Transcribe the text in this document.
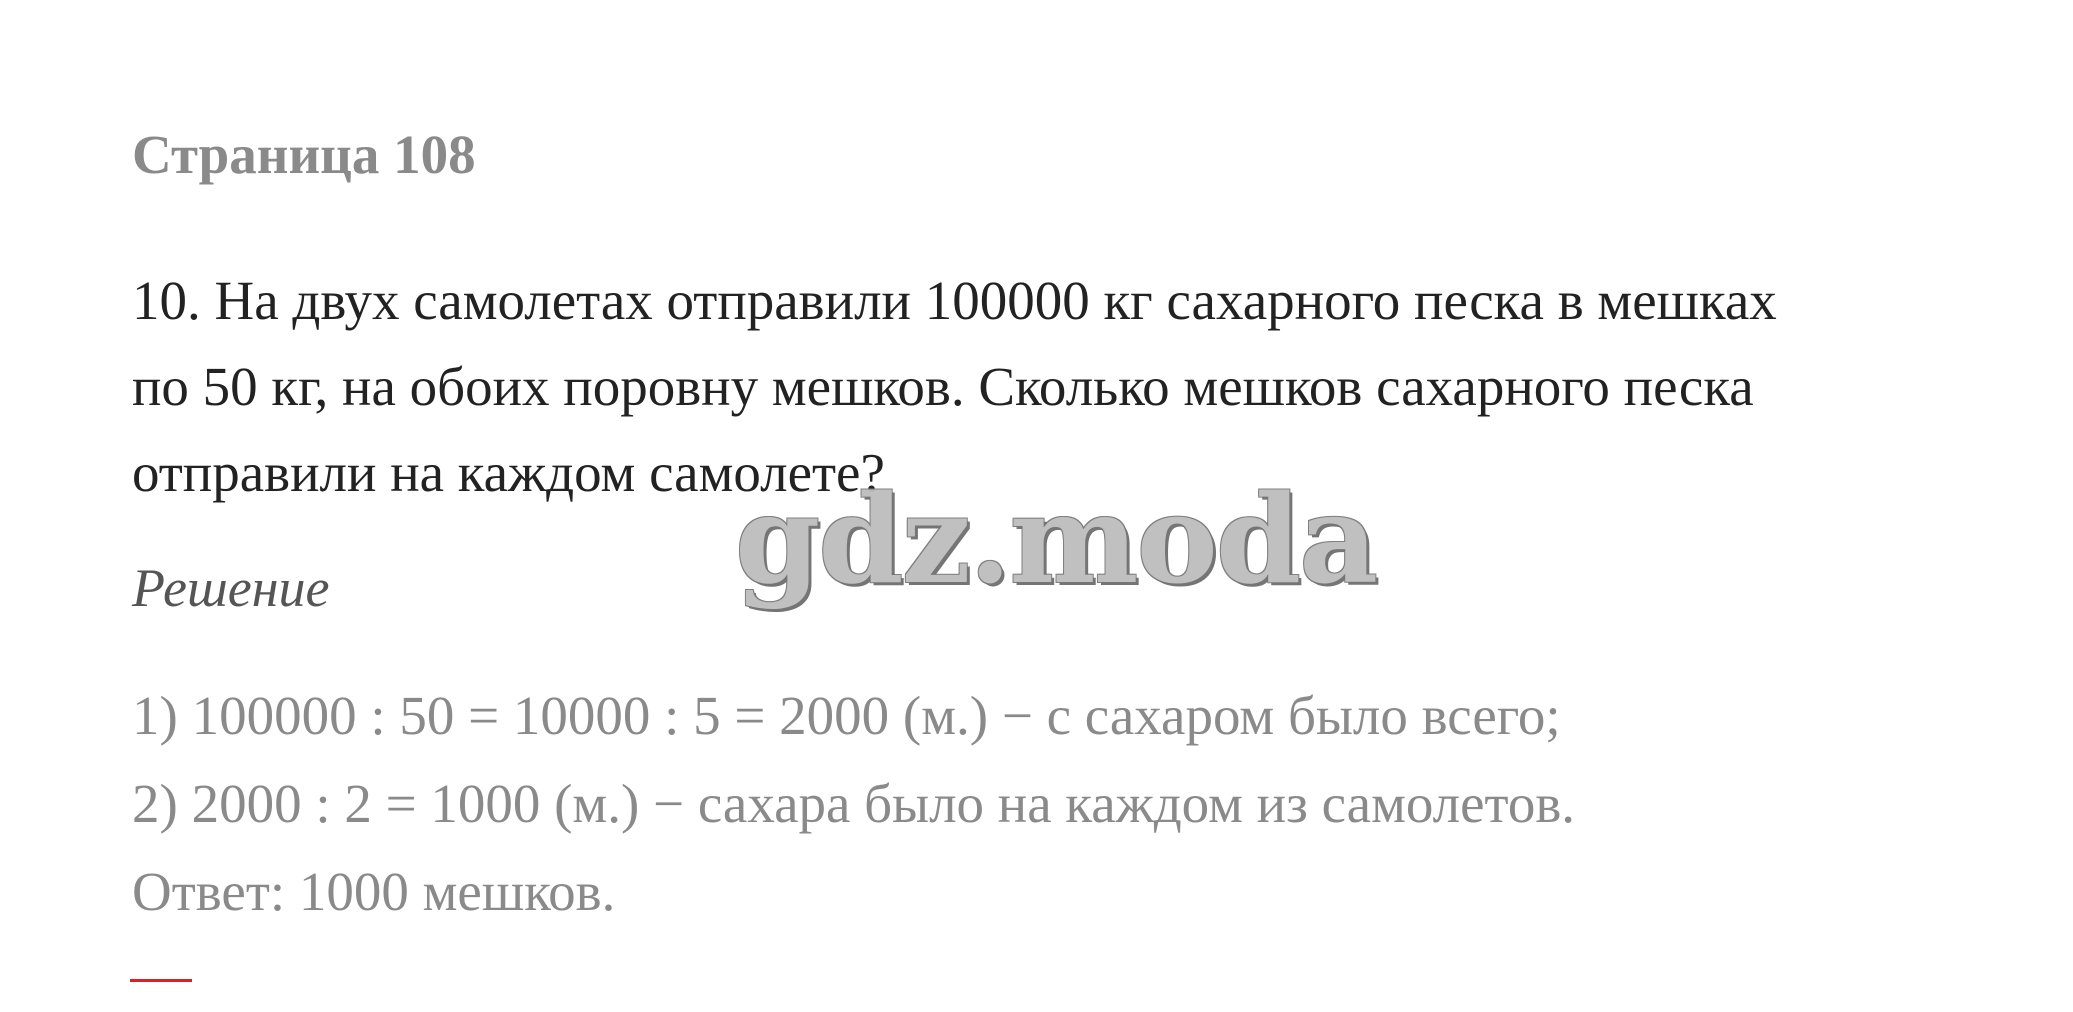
Страница 108
10. На двух самолетах отправили 100000 кг сахарного песка в мешках
по 50 кг, на обоих поровну мешков. Сколько мешков сахарного песка
отправили на каждом самолете?
Решение
1) 100000 : 50 = 10000 : 5 = 2000 (м.) − с сахаром было всего;
2) 2000 : 2 = 1000 (м.) − сахара было на каждом из самолетов.
Ответ: 1000 мешков.
gdz.moda
